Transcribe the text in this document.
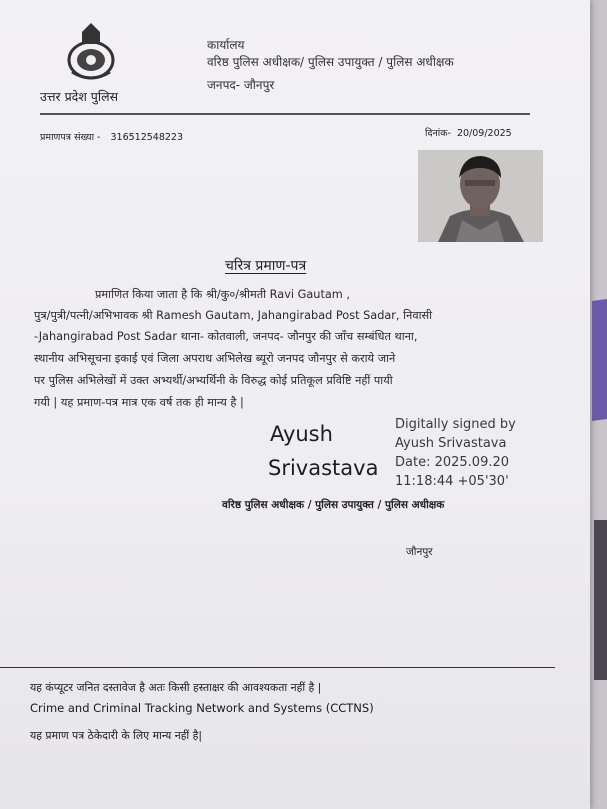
उत्तर प्रदेश पुलिस
कार्यालय
वरिष्ठ पुलिस अधीक्षक/ पुलिस उपायुक्त / पुलिस अधीक्षक
जनपद- जौनपुर
प्रमाणपत्र संख्या - 316512548223	दिनांक- 20/09/2025
चरित्र प्रमाण-पत्र
प्रमाणित किया जाता है कि श्री/कु०/श्रीमती Ravi Gautam ,
पुत्र/पुत्री/पत्नी/अभिभावक श्री Ramesh Gautam, Jahangirabad Post Sadar, निवासी
-Jahangirabad Post Sadar थाना- कोतवाली, जनपद- जौनपुर की जाँच सम्बंधित थाना,
स्थानीय अभिसूचना इकाई एवं जिला अपराध अभिलेख ब्यूरो जनपद जौनपुर से कराये जाने
पर पुलिस अभिलेखों में उक्त अभ्यर्थी/अभ्यर्थिनी के विरुद्ध कोई प्रतिकूल प्रविष्टि नहीं पायी
गयी | यह प्रमाण-पत्र मात्र एक वर्ष तक ही मान्य है |
Ayush
Srivastava
Digitally signed by
Ayush Srivastava
Date: 2025.09.20
11:18:44 +05'30'
वरिष्ठ पुलिस अधीक्षक / पुलिस उपायुक्त / पुलिस अधीक्षक
जौनपुर
यह कंप्यूटर जनित दस्तावेज है अतः किसी हस्ताक्षर की आवश्यकता नहीं है |
Crime and Criminal Tracking Network and Systems (CCTNS)
यह प्रमाण पत्र ठेकेदारी के लिए मान्य नहीं है|
